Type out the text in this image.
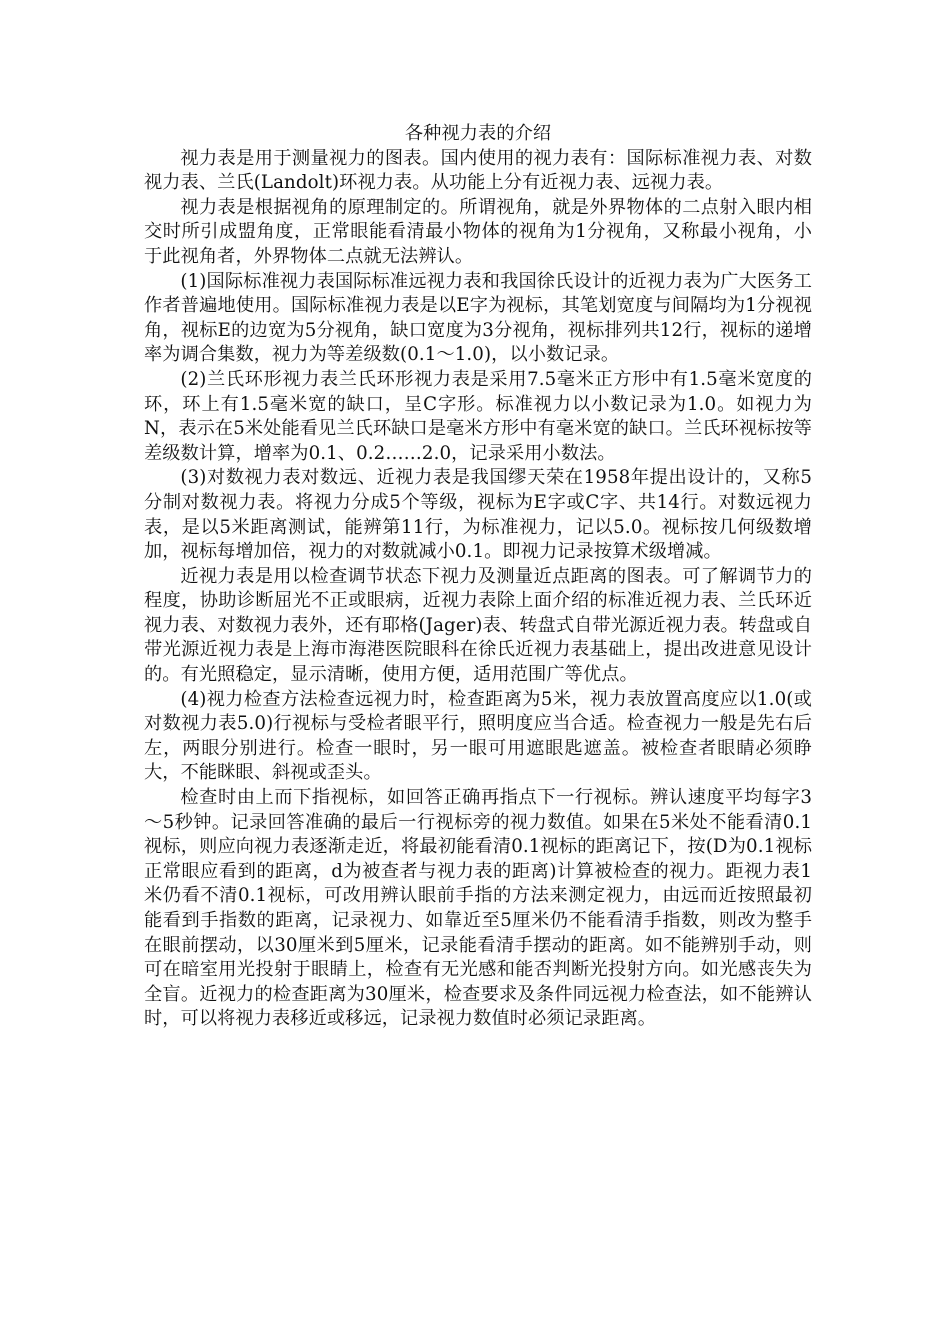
各种视力表的介绍

视力表是用于测量视力的图表。国内使用的视力表有：国际标准视力表、对数视力表、兰氏(Landolt)环视力表。从功能上分有近视力表、远视力表。

视力表是根据视角的原理制定的。所谓视角，就是外界物体的二点射入眼内相交时所引成盟角度，正常眼能看清最小物体的视角为1分视角，又称最小视角，小于此视角者，外界物体二点就无法辨认。

(1)国际标准视力表国际标准远视力表和我国徐氏设计的近视力表为广大医务工作者普遍地使用。国际标准视力表是以E字为视标，其笔划宽度与间隔均为1分视视角，视标E的边宽为5分视角，缺口宽度为3分视角，视标排列共12行，视标的递增率为调合集数，视力为等差级数(0.1～1.0)，以小数记录。

(2)兰氏环形视力表兰氏环形视力表是采用7.5毫米正方形中有1.5毫米宽度的环，环上有1.5毫米宽的缺口，呈C字形。标准视力以小数记录为1.0。如视力为N，表示在5米处能看见兰氏环缺口是毫米方形中有毫米宽的缺口。兰氏环视标按等差级数计算，增率为0.1、0.2……2.0，记录采用小数法。

(3)对数视力表对数远、近视力表是我国缪天荣在1958年提出设计的，又称5分制对数视力表。将视力分成5个等级，视标为E字或C字、共14行。对数远视力表，是以5米距离测试，能辨第11行，为标准视力，记以5.0。视标按几何级数增加，视标每增加倍，视力的对数就减小0.1。即视力记录按算术级增减。

近视力表是用以检查调节状态下视力及测量近点距离的图表。可了解调节力的程度，协助诊断屈光不正或眼病，近视力表除上面介绍的标准近视力表、兰氏环近视力表、对数视力表外，还有耶格(Jager)表、转盘式自带光源近视力表。转盘或自带光源近视力表是上海市海港医院眼科在徐氏近视力表基础上，提出改进意见设计的。有光照稳定，显示清晰，使用方便，适用范围广等优点。

(4)视力检查方法检查远视力时，检查距离为5米，视力表放置高度应以1.0(或对数视力表5.0)行视标与受检者眼平行，照明度应当合适。检查视力一般是先右后左，两眼分别进行。检查一眼时，另一眼可用遮眼匙遮盖。被检查者眼睛必须睁大，不能眯眼、斜视或歪头。

检查时由上而下指视标，如回答正确再指点下一行视标。辨认速度平均每字3～5秒钟。记录回答准确的最后一行视标旁的视力数值。如果在5米处不能看清0.1视标，则应向视力表逐渐走近，将最初能看清0.1视标的距离记下，按(D为0.1视标正常眼应看到的距离，d为被查者与视力表的距离)计算被检查的视力。距视力表1米仍看不清0.1视标，可改用辨认眼前手指的方法来测定视力，由远而近按照最初能看到手指数的距离，记录视力、如靠近至5厘米仍不能看清手指数，则改为整手在眼前摆动，以30厘米到5厘米，记录能看清手摆动的距离。如不能辨别手动，则可在暗室用光投射于眼睛上，检查有无光感和能否判断光投射方向。如光感丧失为全盲。近视力的检查距离为30厘米，检查要求及条件同远视力检查法，如不能辨认时，可以将视力表移近或移远，记录视力数值时必须记录距离。
